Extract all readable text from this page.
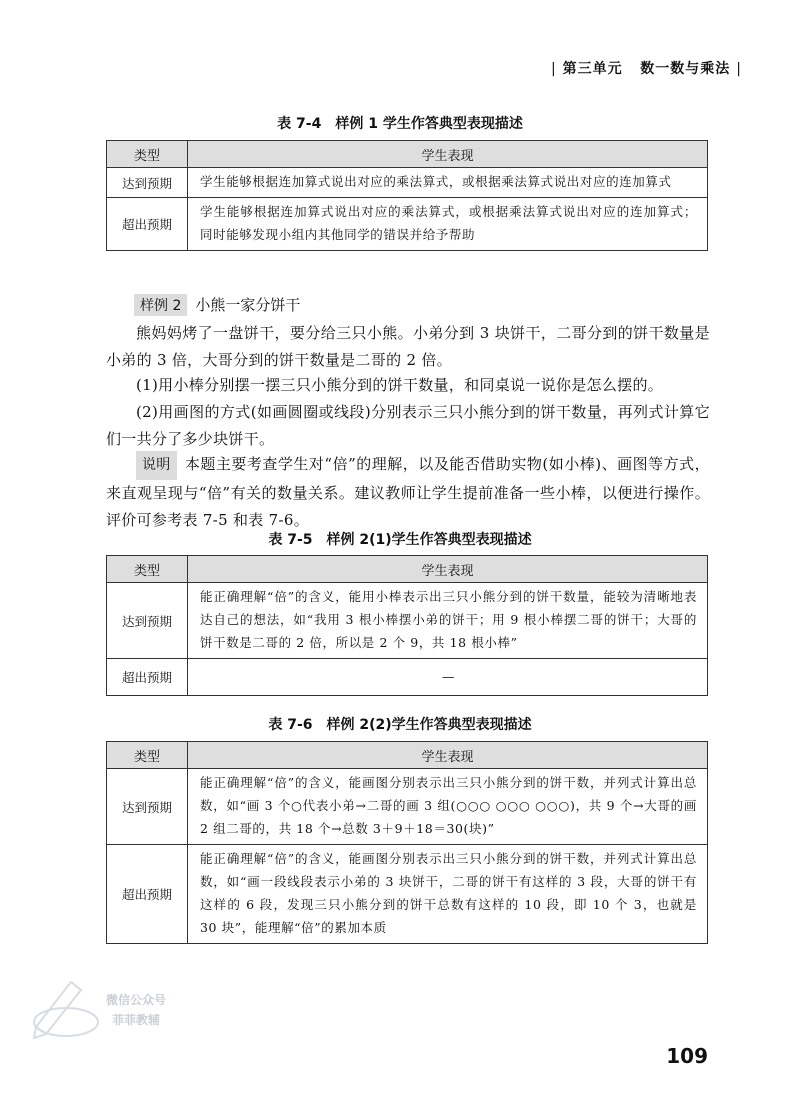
| 第三单元 数一数与乘法 |
表 7-4　样例 1 学生作答典型表现描述
类型	学生表现
达到预期	学生能够根据连加算式说出对应的乘法算式，或根据乘法算式说出对应的连加算式
超出预期	学生能够根据连加算式说出对应的乘法算式，或根据乘法算式说出对应的连加算式；同时能够发现小组内其他同学的错误并给予帮助
样例 2 小熊一家分饼干
熊妈妈烤了一盘饼干，要分给三只小熊。小弟分到 3 块饼干，二哥分到的饼干数量是小弟的 3 倍，大哥分到的饼干数量是二哥的 2 倍。
(1)用小棒分别摆一摆三只小熊分到的饼干数量，和同桌说一说你是怎么摆的。
(2)用画图的方式(如画圆圈或线段)分别表示三只小熊分到的饼干数量，再列式计算它们一共分了多少块饼干。
说明 本题主要考查学生对“倍”的理解，以及能否借助实物(如小棒)、画图等方式，来直观呈现与“倍”有关的数量关系。建议教师让学生提前准备一些小棒，以便进行操作。评价可参考表 7-5 和表 7-6。
表 7-5　样例 2(1)学生作答典型表现描述
类型	学生表现
达到预期	能正确理解“倍”的含义，能用小棒表示出三只小熊分到的饼干数量，能较为清晰地表达自己的想法，如“我用 3 根小棒摆小弟的饼干；用 9 根小棒摆二哥的饼干；大哥的饼干数是二哥的 2 倍，所以是 2 个 9，共 18 根小棒”
超出预期	—
表 7-6　样例 2(2)学生作答典型表现描述
类型	学生表现
达到预期	能正确理解“倍”的含义，能画图分别表示出三只小熊分到的饼干数，并列式计算出总数，如“画 3 个○代表小弟→二哥的画 3 组(○○○ ○○○ ○○○)，共 9 个→大哥的画 2 组二哥的，共 18 个→总数 3＋9＋18＝30(块)”
超出预期	能正确理解“倍”的含义，能画图分别表示出三只小熊分到的饼干数，并列式计算出总数，如“画一段线段表示小弟的 3 块饼干，二哥的饼干有这样的 3 段，大哥的饼干有这样的 6 段，发现三只小熊分到的饼干总数有这样的 10 段，即 10 个 3，也就是 30 块”，能理解“倍”的累加本质
微信公众号
菲菲教辅
109
